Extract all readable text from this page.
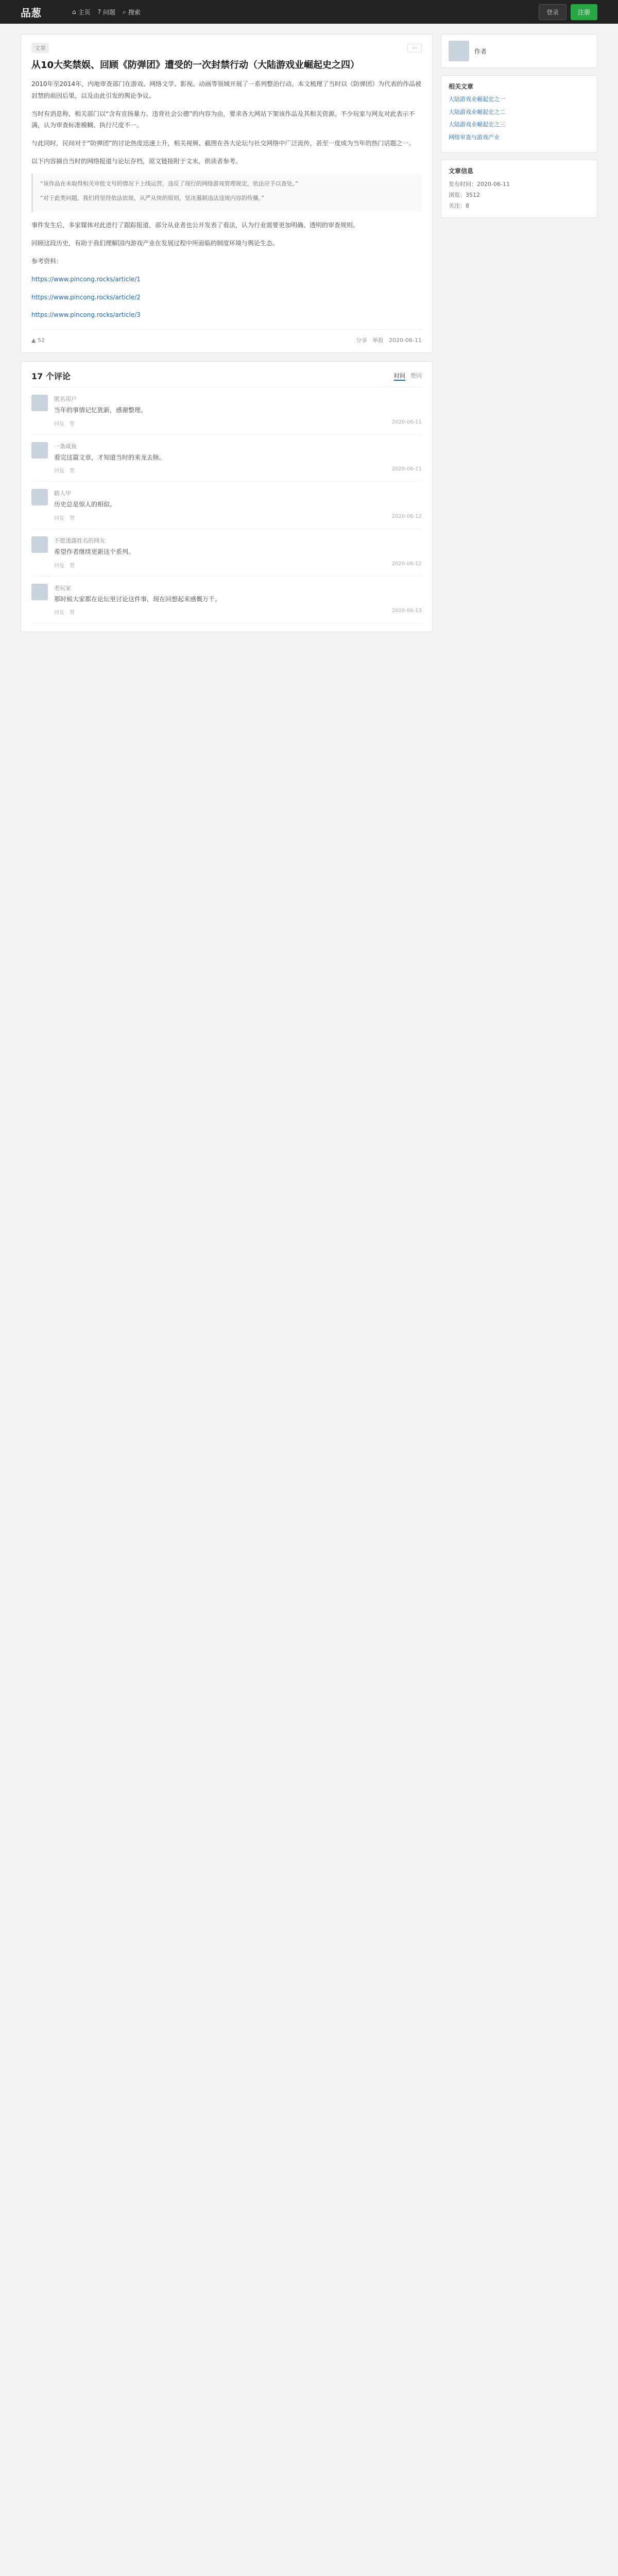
品葱	⌂ 主页 ? 问题 ⌕ 搜索	登录	注册
文章	···
从10大奖禁娱、回顾《防弹团》遭受的一次封禁行动（大陆游戏业崛起史之四）

2010年至2014年，内地审查部门在游戏、网络文学、影视、动画等领域开展了一系列整治行动。本文梳理了当时以《防弹团》为代表的作品被封禁的前因后果，以及由此引发的舆论争议。

当时有消息称，相关部门以“含有宣扬暴力、违背社会公德”的内容为由，要求各大网站下架该作品及其相关资源。不少玩家与网友对此表示不满，认为审查标准模糊、执行尺度不一。

与此同时，民间对于“防弹团”的讨论热度迅速上升，相关视频、截图在各大论坛与社交网络中广泛流传，甚至一度成为当年的热门话题之一。

以下内容摘自当时的网络报道与论坛存档，原文链接附于文末，供读者参考。

“该作品在未取得相关审批文号的情况下上线运营，违反了现行的网络游戏管理规定，依法应予以查处。”

“对于此类问题，我们将坚持依法依规、从严从快的原则，坚决遏制违法违规内容的传播。”

事件发生后，多家媒体对此进行了跟踪报道，部分从业者也公开发表了看法，认为行业需要更加明确、透明的审查规则。

回顾这段历史，有助于我们理解国内游戏产业在发展过程中所面临的制度环境与舆论生态。

参考资料：

https://www.pincong.rocks/article/1

https://www.pincong.rocks/article/2

https://www.pincong.rocks/article/3

▲ 52	分享 举报 2020-06-11
17 个评论	时间 赞同
匿名用户
当年的事情记忆犹新，感谢整理。
回复 赞	2020-06-11
一条咸鱼
看完这篇文章，才知道当时的来龙去脉。
回复 赞	2020-06-11
路人甲
历史总是惊人的相似。
回复 赞	2020-06-12
不愿透露姓名的网友
希望作者继续更新这个系列。
回复 赞	2020-06-12
老玩家
那时候大家都在论坛里讨论这件事，现在回想起来感慨万千。
回复 赞	2020-06-13
作者
相关文章
大陆游戏业崛起史之一
大陆游戏业崛起史之二
大陆游戏业崛起史之三
网络审查与游戏产业
文章信息
发布时间：2020-06-11
浏览：3512
关注：8
